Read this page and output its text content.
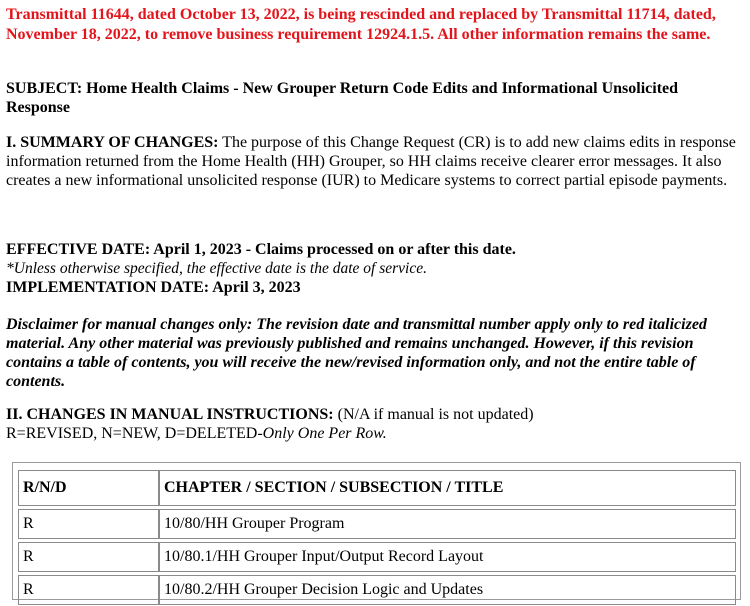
Transmittal 11644, dated October 13, 2022, is being rescinded and replaced by Transmittal 11714, dated, November 18, 2022, to remove business requirement 12924.1.5. All other information remains the same.
SUBJECT: Home Health Claims - New Grouper Return Code Edits and Informational Unsolicited Response
I. SUMMARY OF CHANGES: The purpose of this Change Request (CR) is to add new claims edits in response information returned from the Home Health (HH) Grouper, so HH claims receive clearer error messages. It also creates a new informational unsolicited response (IUR) to Medicare systems to correct partial episode payments.
EFFECTIVE DATE: April 1, 2023 - Claims processed on or after this date.
*Unless otherwise specified, the effective date is the date of service.
IMPLEMENTATION DATE: April 3, 2023
Disclaimer for manual changes only: The revision date and transmittal number apply only to red italicized material. Any other material was previously published and remains unchanged. However, if this revision contains a table of contents, you will receive the new/revised information only, and not the entire table of contents.
II. CHANGES IN MANUAL INSTRUCTIONS: (N/A if manual is not updated)
R=REVISED, N=NEW, D=DELETED-Only One Per Row.
R/N/D	CHAPTER / SECTION / SUBSECTION / TITLE

R	10/80/HH Grouper Program

R	10/80.1/HH Grouper Input/Output Record Layout

R	10/80.2/HH Grouper Decision Logic and Updates
